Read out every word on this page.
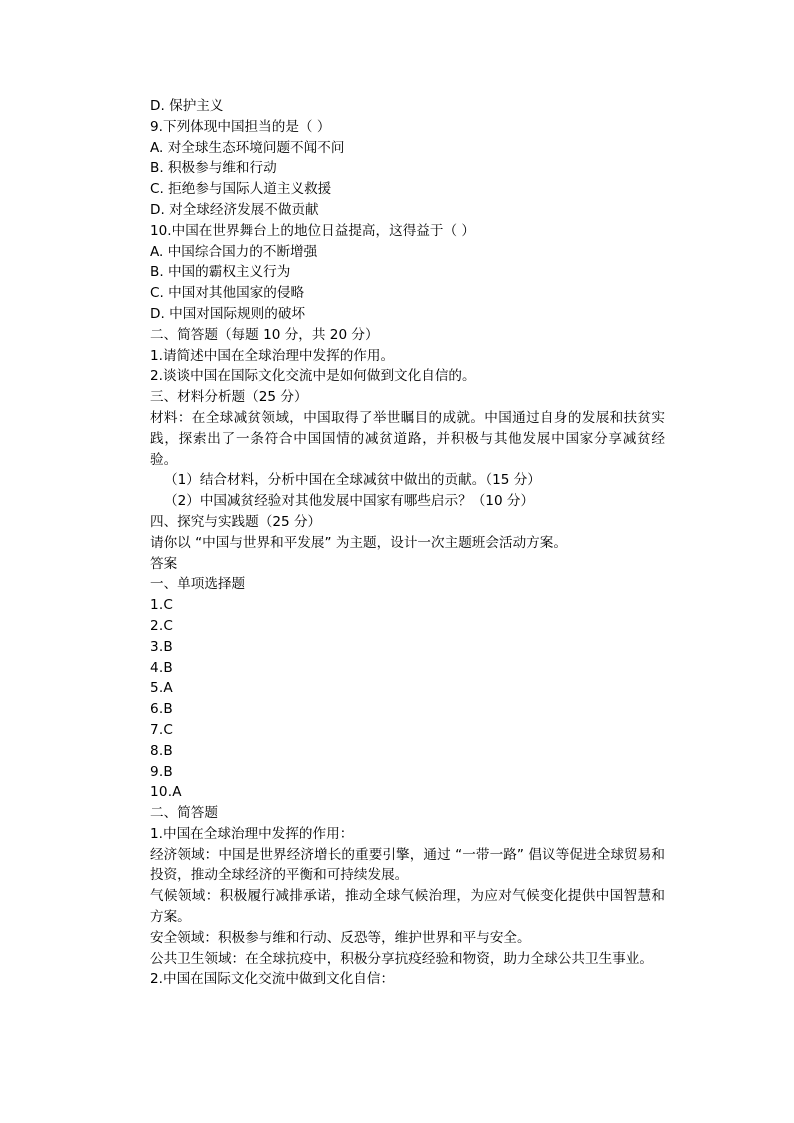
D. 保护主义
9.下列体现中国担当的是（ ）
A. 对全球生态环境问题不闻不问
B. 积极参与维和行动
C. 拒绝参与国际人道主义救援
D. 对全球经济发展不做贡献
10.中国在世界舞台上的地位日益提高，这得益于（ ）
A. 中国综合国力的不断增强
B. 中国的霸权主义行为
C. 中国对其他国家的侵略
D. 中国对国际规则的破坏
二、简答题（每题 10 分，共 20 分）
1.请简述中国在全球治理中发挥的作用。
2.谈谈中国在国际文化交流中是如何做到文化自信的。
三、材料分析题（25 分）
材料：在全球减贫领域，中国取得了举世瞩目的成就。中国通过自身的发展和扶贫实践，探索出了一条符合中国国情的减贫道路，并积极与其他发展中国家分享减贫经验。
（1）结合材料，分析中国在全球减贫中做出的贡献。（15 分）
（2）中国减贫经验对其他发展中国家有哪些启示？（10 分）
四、探究与实践题（25 分）
请你以 “中国与世界和平发展” 为主题，设计一次主题班会活动方案。
答案
一、单项选择题
1.C
2.C
3.B
4.B
5.A
6.B
7.C
8.B
9.B
10.A
二、简答题
1.中国在全球治理中发挥的作用：
经济领域：中国是世界经济增长的重要引擎，通过 “一带一路” 倡议等促进全球贸易和投资，推动全球经济的平衡和可持续发展。
气候领域：积极履行减排承诺，推动全球气候治理，为应对气候变化提供中国智慧和方案。
安全领域：积极参与维和行动、反恐等，维护世界和平与安全。
公共卫生领域：在全球抗疫中，积极分享抗疫经验和物资，助力全球公共卫生事业。
2.中国在国际文化交流中做到文化自信：
